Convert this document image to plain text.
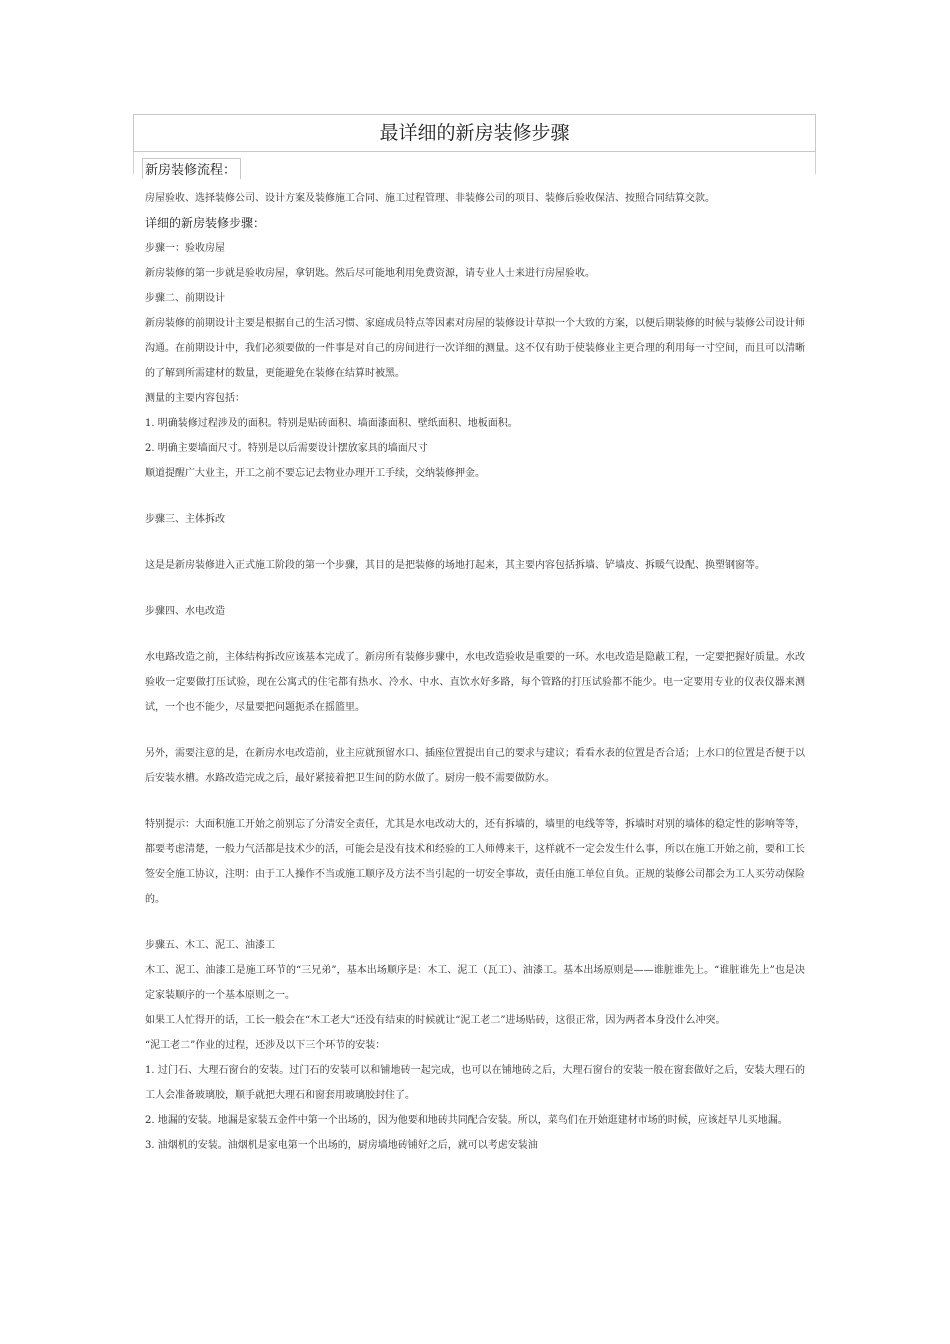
最详细的新房装修步骤
新房装修流程：

房屋验收、选择装修公司、设计方案及装修施工合同、施工过程管理、非装修公司的项目、装修后验收保洁、按照合同结算交款。

详细的新房装修步骤：

步骤一：验收房屋

新房装修的第一步就是验收房屋，拿钥匙。然后尽可能地利用免费资源，请专业人士来进行房屋验收。

步骤二、前期设计

新房装修的前期设计主要是根据自己的生活习惯、家庭成员特点等因素对房屋的装修设计草拟一个大致的方案，以便后期装修的时候与装修公司设计师沟通。在前期设计中，我们必须要做的一件事是对自己的房间进行一次详细的测量。这不仅有助于使装修业主更合理的利用每一寸空间，而且可以清晰的了解到所需建材的数量，更能避免在装修在结算时被黑。

测量的主要内容包括：

1. 明确装修过程涉及的面积。特别是贴砖面积、墙面漆面积、壁纸面积、地板面积。

2. 明确主要墙面尺寸。特别是以后需要设计摆放家具的墙面尺寸

顺道提醒广大业主，开工之前不要忘记去物业办理开工手续，交纳装修押金。

步骤三、主体拆改

这是是新房装修进入正式施工阶段的第一个步骤，其目的是把装修的场地打起来，其主要内容包括拆墙、铲墙皮、拆暖气设配、换塑钢窗等。

步骤四、水电改造

水电路改造之前，主体结构拆改应该基本完成了。新房所有装修步骤中，水电改造验收是重要的一环。水电改造是隐蔽工程，一定要把握好质量。水改验收一定要做打压试验，现在公寓式的住宅都有热水、冷水、中水、直饮水好多路，每个管路的打压试验都不能少。电一定要用专业的仪表仪器来测试，一个也不能少，尽量要把问题扼杀在摇篮里。

另外，需要注意的是，在新房水电改造前，业主应就预留水口、插座位置提出自己的要求与建议；看看水表的位置是否合适；上水口的位置是否便于以后安装水槽。水路改造完成之后，最好紧接着把卫生间的防水做了。厨房一般不需要做防水。

特别提示：大面积施工开始之前别忘了分清安全责任，尤其是水电改动大的，还有拆墙的，墙里的电线等等，拆墙时对别的墙体的稳定性的影响等等，都要考虑清楚，一般力气活都是技术少的活，可能会是没有技术和经验的工人师傅来干，这样就不一定会发生什么事，所以在施工开始之前，要和工长签安全施工协议，注明：由于工人操作不当或施工顺序及方法不当引起的一切安全事故，责任由施工单位自负。正规的装修公司都会为工人买劳动保险的。

步骤五、木工、泥工、油漆工

木工、泥工、油漆工是施工环节的“三兄弟”，基本出场顺序是：木工、泥工（瓦工）、油漆工。基本出场原则是——谁脏谁先上。“谁脏谁先上”也是决定家装顺序的一个基本原则之一。

如果工人忙得开的话，工长一般会在“木工老大”还没有结束的时候就让“泥工老二”进场贴砖，这很正常，因为两者本身没什么冲突。

“泥工老二”作业的过程，还涉及以下三个环节的安装：

1. 过门石、大理石窗台的安装。过门石的安装可以和铺地砖一起完成，也可以在铺地砖之后，大理石窗台的安装一般在窗套做好之后，安装大理石的工人会准备玻璃胶，顺手就把大理石和窗套用玻璃胶封住了。

2. 地漏的安装。地漏是家装五金件中第一个出场的，因为他要和地砖共同配合安装。所以，菜鸟们在开始逛建材市场的时候，应该赶早儿买地漏。

3. 油烟机的安装。油烟机是家电第一个出场的，厨房墙地砖铺好之后，就可以考虑安装油
